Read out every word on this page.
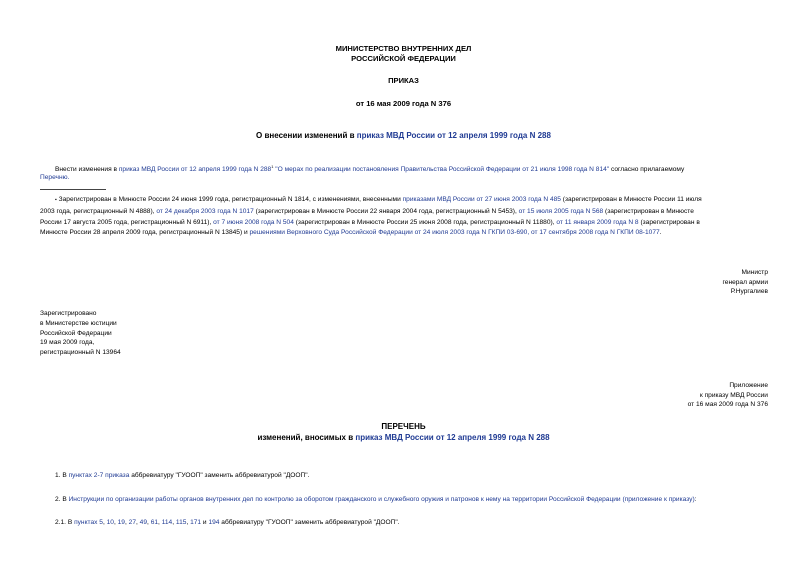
МИНИСТЕРСТВО ВНУТРЕННИХ ДЕЛ
РОССИЙСКОЙ ФЕДЕРАЦИИ
ПРИКАЗ
от 16 мая 2009 года N 376
О внесении изменений в приказ МВД России от 12 апреля 1999 года N 288
Внести изменения в приказ МВД России от 12 апреля 1999 года N $288^1$ "О мерах по реализации постановления Правительства Российской Федерации от 21 июля 1998 года N 814" согласно прилагаемому
Перечню.
▪ Зарегистрирован в Минюсте России 24 июня 1999 года, регистрационный N 1814, с изменениями, внесенными приказами МВД России от 27 июня 2003 года N 485 (зарегистрирован в Минюсте России 11 июля
2003 года, регистрационный N 4888), от 24 декабря 2003 года N 1017 (зарегистрирован в Минюсте России 22 января 2004 года, регистрационный N 5453), от 15 июля 2005 года N 568 (зарегистрирован в Минюсте
России 17 августа 2005 года, регистрационный N 6911), от 7 июня 2008 года N 504 (зарегистрирован в Минюсте России 25 июня 2008 года, регистрационный N 11880), от 11 января 2009 года N 8 (зарегистрирован в
Минюсте России 28 апреля 2009 года, регистрационный N 13845) и решениями Верховного Суда Российской Федерации от 24 июля 2003 года N ГКПИ 03-690, от 17 сентября 2008 года N ГКПИ 08-1077.
Министр
генерал армии
Р.Нургалиев
Зарегистрировано
в Министерстве юстиции
Российской Федерации
19 мая 2009 года,
регистрационный N 13964
Приложение
к приказу МВД России
от 16 мая 2009 года N 376
ПЕРЕЧЕНЬ
изменений, вносимых в приказ МВД России от 12 апреля 1999 года N 288
1. В пунктах 2-7 приказа аббревиатуру "ГУООП" заменить аббревиатурой "ДООП".
2. В Инструкции по организации работы органов внутренних дел по контролю за оборотом гражданского и служебного оружия и патронов к нему на территории Российской Федерации (приложение к приказу):
2.1. В пунктах 5, 10, 19, 27, 49, 61, 114, 115, 171 и 194 аббревиатуру "ГУООП" заменить аббревиатурой "ДООП".
